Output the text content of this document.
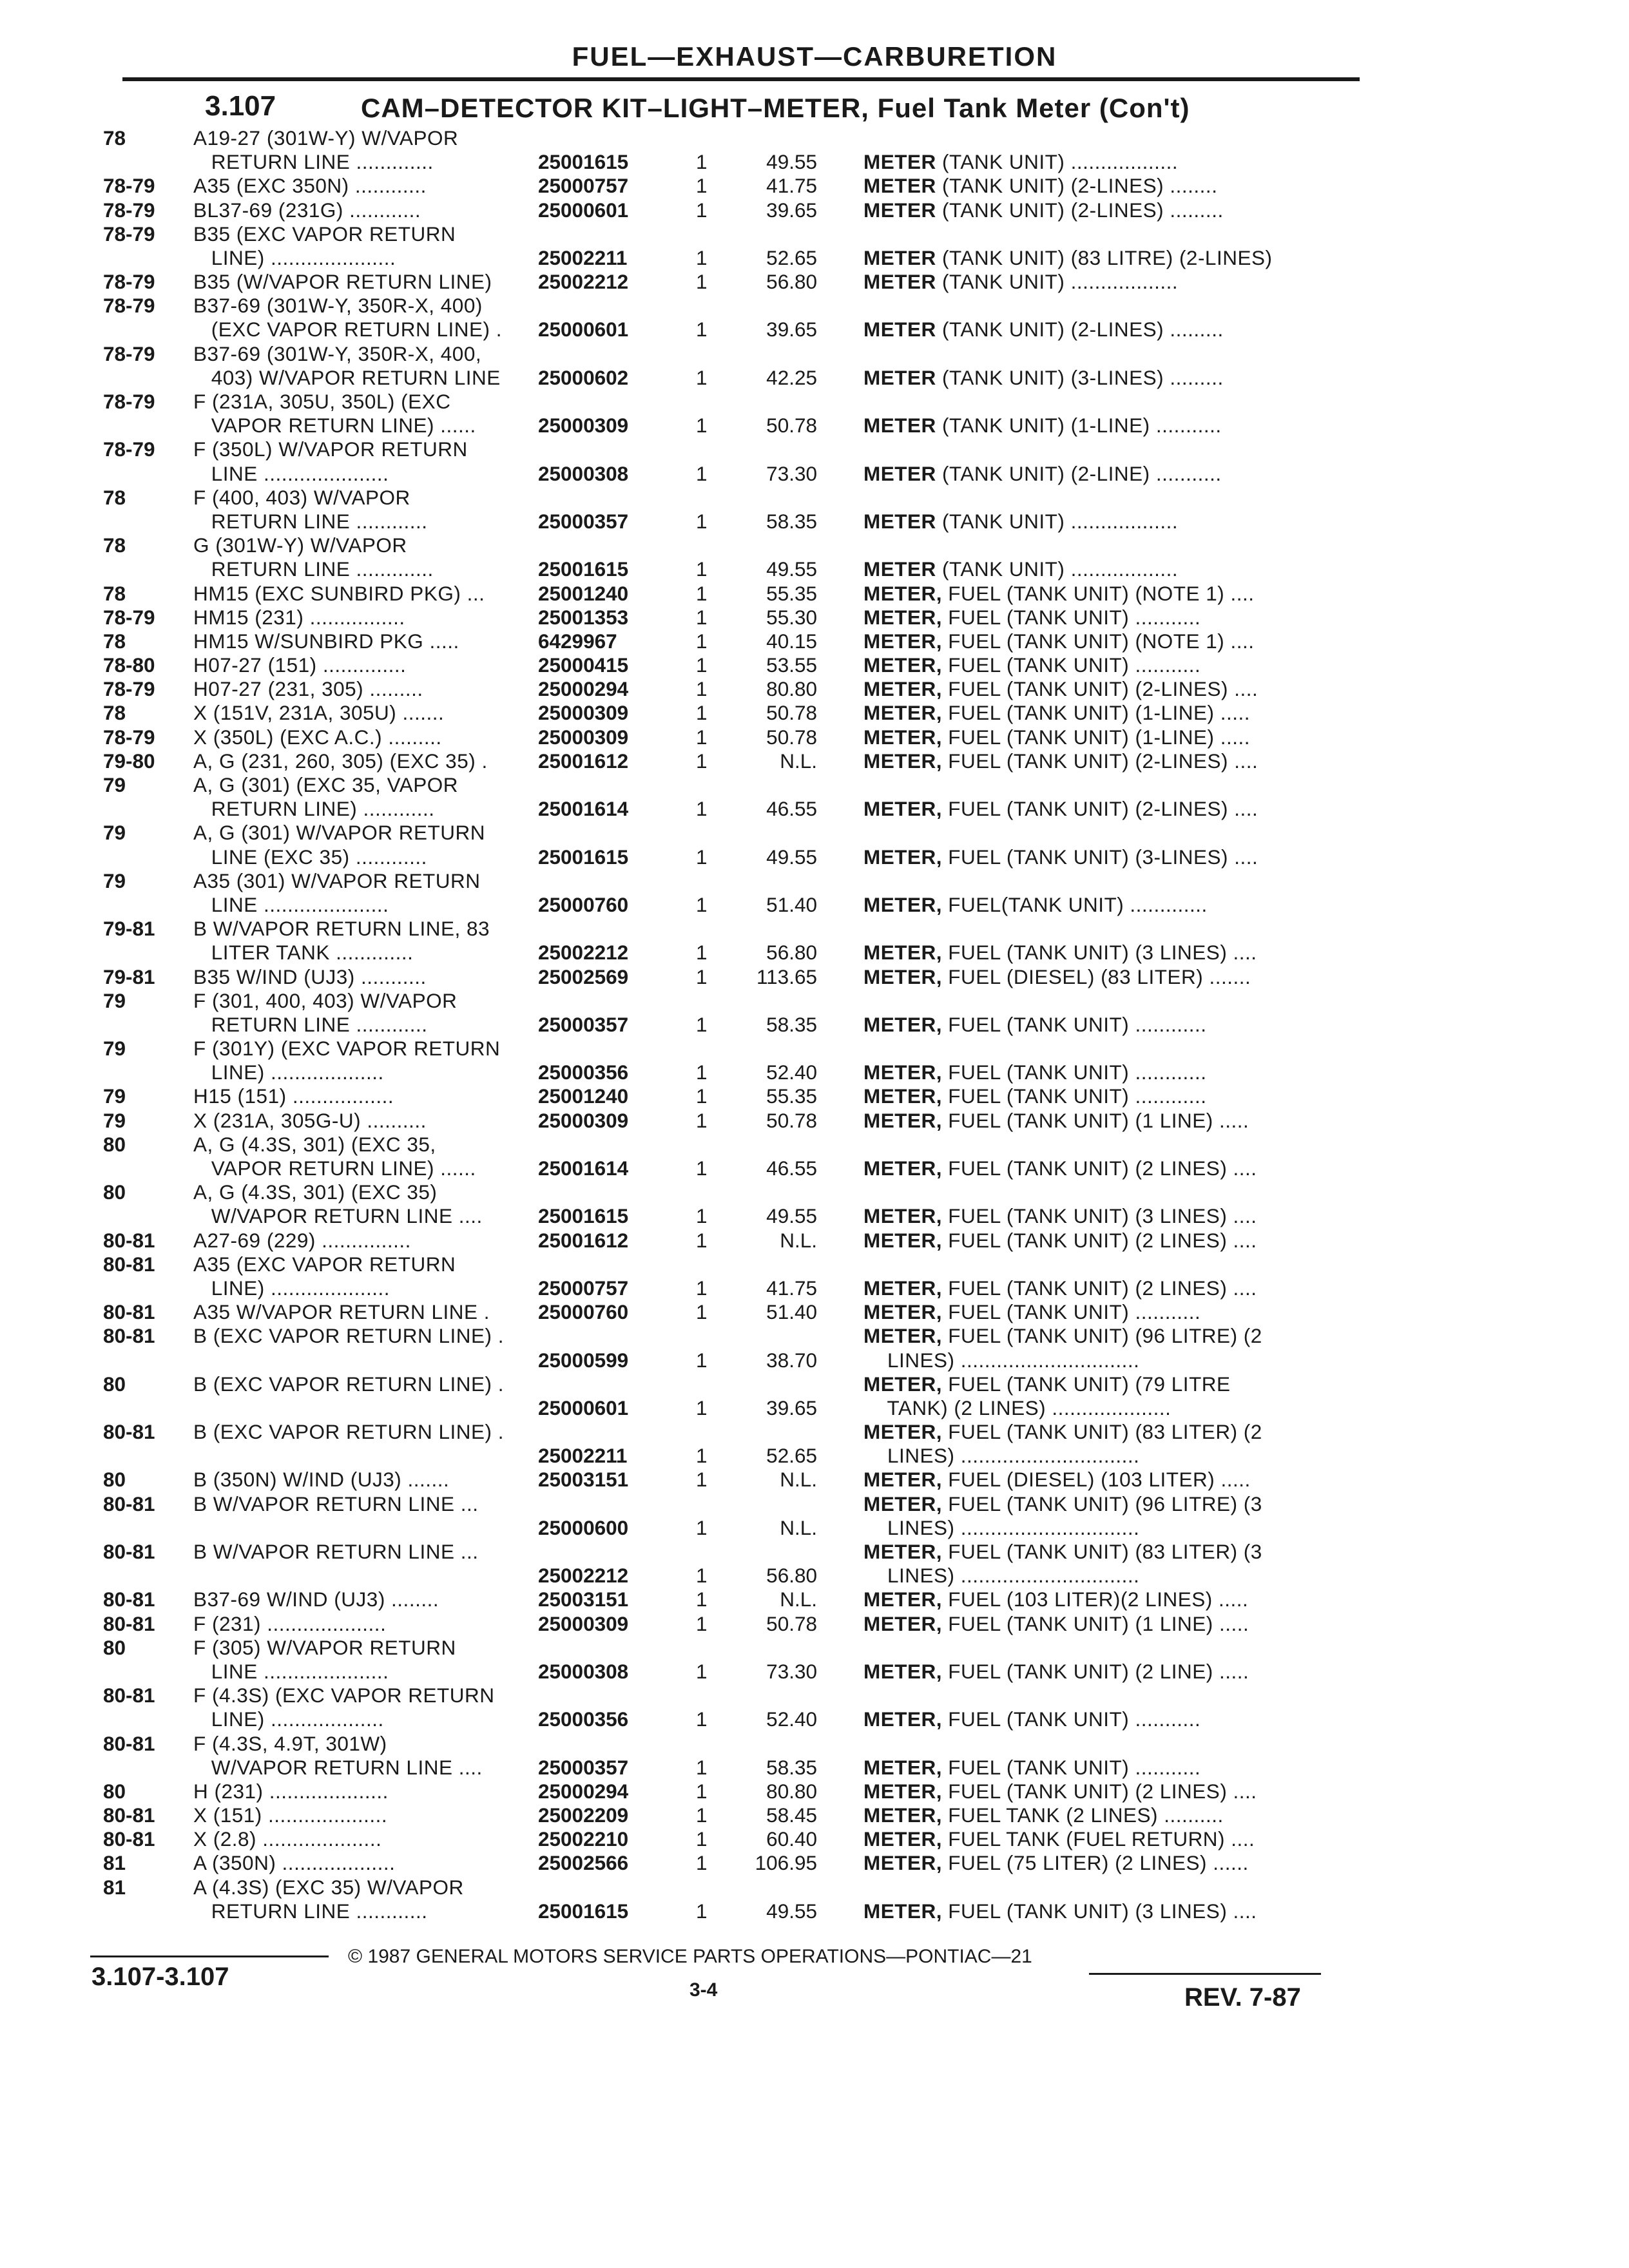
FUEL—EXHAUST—CARBURETION
3.107	CAM–DETECTOR KIT–LIGHT–METER, Fuel Tank Meter (Con't)
78	A19-27 (301W-Y) W/VAPOR
RETURN LINE .............	25001615	1	49.55 METER (TANK UNIT) ..................
78-79 A35 (EXC 350N) ............	25000757	1	41.75 METER (TANK UNIT) (2-LINES) ........
78-79 BL37-69 (231G) ............	25000601	1	39.65 METER (TANK UNIT) (2-LINES) .........
78-79 B35 (EXC VAPOR RETURN
LINE) .....................	25002211	1	52.65 METER (TANK UNIT) (83 LITRE) (2-LINES)
78-79 B35 (W/VAPOR RETURN LINE) 25002212	1	56.80 METER (TANK UNIT) ..................
78-79 B37-69 (301W-Y, 350R-X, 400)
(EXC VAPOR RETURN LINE) . 25000601	1	39.65 METER (TANK UNIT) (2-LINES) .........
78-79 B37-69 (301W-Y, 350R-X, 400,
403) W/VAPOR RETURN LINE 25000602	1	42.25 METER (TANK UNIT) (3-LINES) .........
78-79 F (231A, 305U, 350L) (EXC
VAPOR RETURN LINE) ......	25000309	1	50.78 METER (TANK UNIT) (1-LINE) ...........
78-79 F (350L) W/VAPOR RETURN
LINE .....................	25000308	1	73.30 METER (TANK UNIT) (2-LINE) ...........
78	F (400, 403) W/VAPOR
RETURN LINE ............	25000357	1	58.35 METER (TANK UNIT) ..................
78	G (301W-Y) W/VAPOR
RETURN LINE .............	25001615	1	49.55 METER (TANK UNIT) ..................
78	HM15 (EXC SUNBIRD PKG) ...	25001240	1	55.35 METER, FUEL (TANK UNIT) (NOTE 1) ....
78-79 HM15 (231) ................	25001353	1	55.30 METER, FUEL (TANK UNIT) ...........
78	HM15 W/SUNBIRD PKG .....	6429967	1	40.15 METER, FUEL (TANK UNIT) (NOTE 1) ....
78-80 H07-27 (151) ..............	25000415	1	53.55 METER, FUEL (TANK UNIT) ...........
78-79 H07-27 (231, 305) .........	25000294	1	80.80 METER, FUEL (TANK UNIT) (2-LINES) ....
78	X (151V, 231A, 305U) .......	25000309	1	50.78 METER, FUEL (TANK UNIT) (1-LINE) .....
78-79 X (350L) (EXC A.C.) .........	25000309	1	50.78 METER, FUEL (TANK UNIT) (1-LINE) .....
79-80 A, G (231, 260, 305) (EXC 35) . 25001612	1	N.L. METER, FUEL (TANK UNIT) (2-LINES) ....
79	A, G (301) (EXC 35, VAPOR
RETURN LINE) ............	25001614	1	46.55 METER, FUEL (TANK UNIT) (2-LINES) ....
79	A, G (301) W/VAPOR RETURN
LINE (EXC 35) ............	25001615	1	49.55 METER, FUEL (TANK UNIT) (3-LINES) ....
79	A35 (301) W/VAPOR RETURN
LINE .....................	25000760	1	51.40 METER, FUEL(TANK UNIT) .............
79-81 B W/VAPOR RETURN LINE, 83
LITER TANK .............	25002212	1	56.80 METER, FUEL (TANK UNIT) (3 LINES) ....
79-81 B35 W/IND (UJ3) ...........	25002569	1	113.65 METER, FUEL (DIESEL) (83 LITER) .......
79	F (301, 400, 403) W/VAPOR
RETURN LINE ............	25000357	1	58.35 METER, FUEL (TANK UNIT) ............
79	F (301Y) (EXC VAPOR RETURN
LINE) ...................	25000356	1	52.40 METER, FUEL (TANK UNIT) ............
79	H15 (151) .................	25001240	1	55.35 METER, FUEL (TANK UNIT) ............
79	X (231A, 305G-U) ..........	25000309	1	50.78 METER, FUEL (TANK UNIT) (1 LINE) .....
80	A, G (4.3S, 301) (EXC 35,
VAPOR RETURN LINE) ......	25001614	1	46.55 METER, FUEL (TANK UNIT) (2 LINES) ....
80	A, G (4.3S, 301) (EXC 35)
W/VAPOR RETURN LINE ....	25001615	1	49.55 METER, FUEL (TANK UNIT) (3 LINES) ....
80-81 A27-69 (229) ...............	25001612	1	N.L. METER, FUEL (TANK UNIT) (2 LINES) ....
80-81 A35 (EXC VAPOR RETURN
LINE) ....................	25000757	1	41.75 METER, FUEL (TANK UNIT) (2 LINES) ....
80-81 A35 W/VAPOR RETURN LINE . 25000760	1	51.40 METER, FUEL (TANK UNIT) ...........
80-81 B (EXC VAPOR RETURN LINE) .
25000599	1	38.70
METER, FUEL (TANK UNIT) (96 LITRE) (2
LINES) ..............................
80	B (EXC VAPOR RETURN LINE) .
25000601	1	39.65
METER, FUEL (TANK UNIT) (79 LITRE
TANK) (2 LINES) ....................
80-81 B (EXC VAPOR RETURN LINE) .
25002211	1	52.65
METER, FUEL (TANK UNIT) (83 LITER) (2
LINES) ..............................
80	B (350N) W/IND (UJ3) .......	25003151	1	N.L. METER, FUEL (DIESEL) (103 LITER) .....
80-81 B W/VAPOR RETURN LINE ...
25000600	1	N.L.
METER, FUEL (TANK UNIT) (96 LITRE) (3
LINES) ..............................
80-81 B W/VAPOR RETURN LINE ...
25002212	1	56.80
METER, FUEL (TANK UNIT) (83 LITER) (3
LINES) ..............................
80-81 B37-69 W/IND (UJ3) ........	25003151	1	N.L. METER, FUEL (103 LITER)(2 LINES) .....
80-81 F (231) ....................	25000309	1	50.78 METER, FUEL (TANK UNIT) (1 LINE) .....
80	F (305) W/VAPOR RETURN
LINE .....................	25000308	1	73.30 METER, FUEL (TANK UNIT) (2 LINE) .....
80-81 F (4.3S) (EXC VAPOR RETURN
LINE) ...................	25000356	1	52.40 METER, FUEL (TANK UNIT) ...........
80-81 F (4.3S, 4.9T, 301W)
W/VAPOR RETURN LINE ....	25000357	1	58.35 METER, FUEL (TANK UNIT) ...........
80	H (231) ....................	25000294	1	80.80 METER, FUEL (TANK UNIT) (2 LINES) ....
80-81 X (151) ....................	25002209	1	58.45 METER, FUEL TANK (2 LINES) ..........
80-81 X (2.8) ....................	25002210	1	60.40 METER, FUEL TANK (FUEL RETURN) ....
81	A (350N) ...................	25002566	1	106.95 METER, FUEL (75 LITER) (2 LINES) ......
81	A (4.3S) (EXC 35) W/VAPOR
RETURN LINE ............	25001615	1	49.55 METER, FUEL (TANK UNIT) (3 LINES) ....
3.107-3.107
© 1987 GENERAL MOTORS SERVICE PARTS OPERATIONS—PONTIAC—21
3-4	REV. 7-87
